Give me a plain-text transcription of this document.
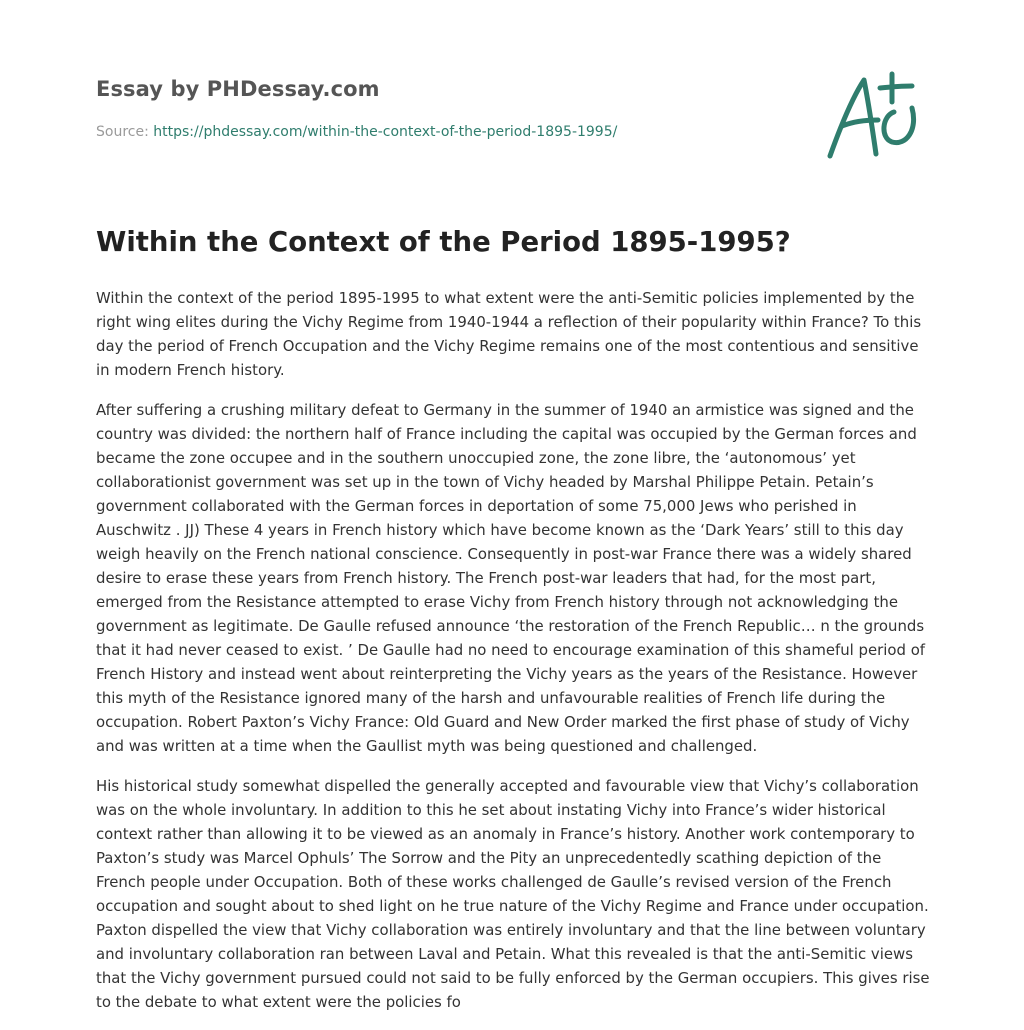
Essay by PHDessay.com
Source: https://phdessay.com/within-the-context-of-the-period-1895-1995/
Within the Context of the Period 1895-1995?

Within the context of the period 1895-1995 to what extent were the anti-Semitic policies implemented by the right wing elites during the Vichy Regime from 1940-1944 a reflection of their popularity within France? To this day the period of French Occupation and the Vichy Regime remains one of the most contentious and sensitive in modern French history.

After suffering a crushing military defeat to Germany in the summer of 1940 an armistice was signed and the country was divided: the northern half of France including the capital was occupied by the German forces and became the zone occupee and in the southern unoccupied zone, the zone libre, the ‘autonomous’ yet collaborationist government was set up in the town of Vichy headed by Marshal Philippe Petain. Petain’s government collaborated with the German forces in deportation of some 75,000 Jews who perished in Auschwitz . JJ) These 4 years in French history which have become known as the ‘Dark Years’ still to this day weigh heavily on the French national conscience. Consequently in post-war France there was a widely shared desire to erase these years from French history. The French post-war leaders that had, for the most part, emerged from the Resistance attempted to erase Vichy from French history through not acknowledging the government as legitimate. De Gaulle refused announce ‘the restoration of the French Republic… n the grounds that it had never ceased to exist. ’ De Gaulle had no need to encourage examination of this shameful period of French History and instead went about reinterpreting the Vichy years as the years of the Resistance. However this myth of the Resistance ignored many of the harsh and unfavourable realities of French life during the occupation. Robert Paxton’s Vichy France: Old Guard and New Order marked the first phase of study of Vichy and was written at a time when the Gaullist myth was being questioned and challenged.

His historical study somewhat dispelled the generally accepted and favourable view that Vichy’s collaboration was on the whole involuntary. In addition to this he set about instating Vichy into France’s wider historical context rather than allowing it to be viewed as an anomaly in France’s history. Another work contemporary to Paxton’s study was Marcel Ophuls’ The Sorrow and the Pity an unprecedentedly scathing depiction of the French people under Occupation. Both of these works challenged de Gaulle’s revised version of the French occupation and sought about to shed light on he true nature of the Vichy Regime and France under occupation. Paxton dispelled the view that Vichy collaboration was entirely involuntary and that the line between voluntary and involuntary collaboration ran between Laval and Petain. What this revealed is that the anti-Semitic views that the Vichy government pursued could not said to be fully enforced by the German occupiers. This gives rise to the debate to what extent were the policies fo
